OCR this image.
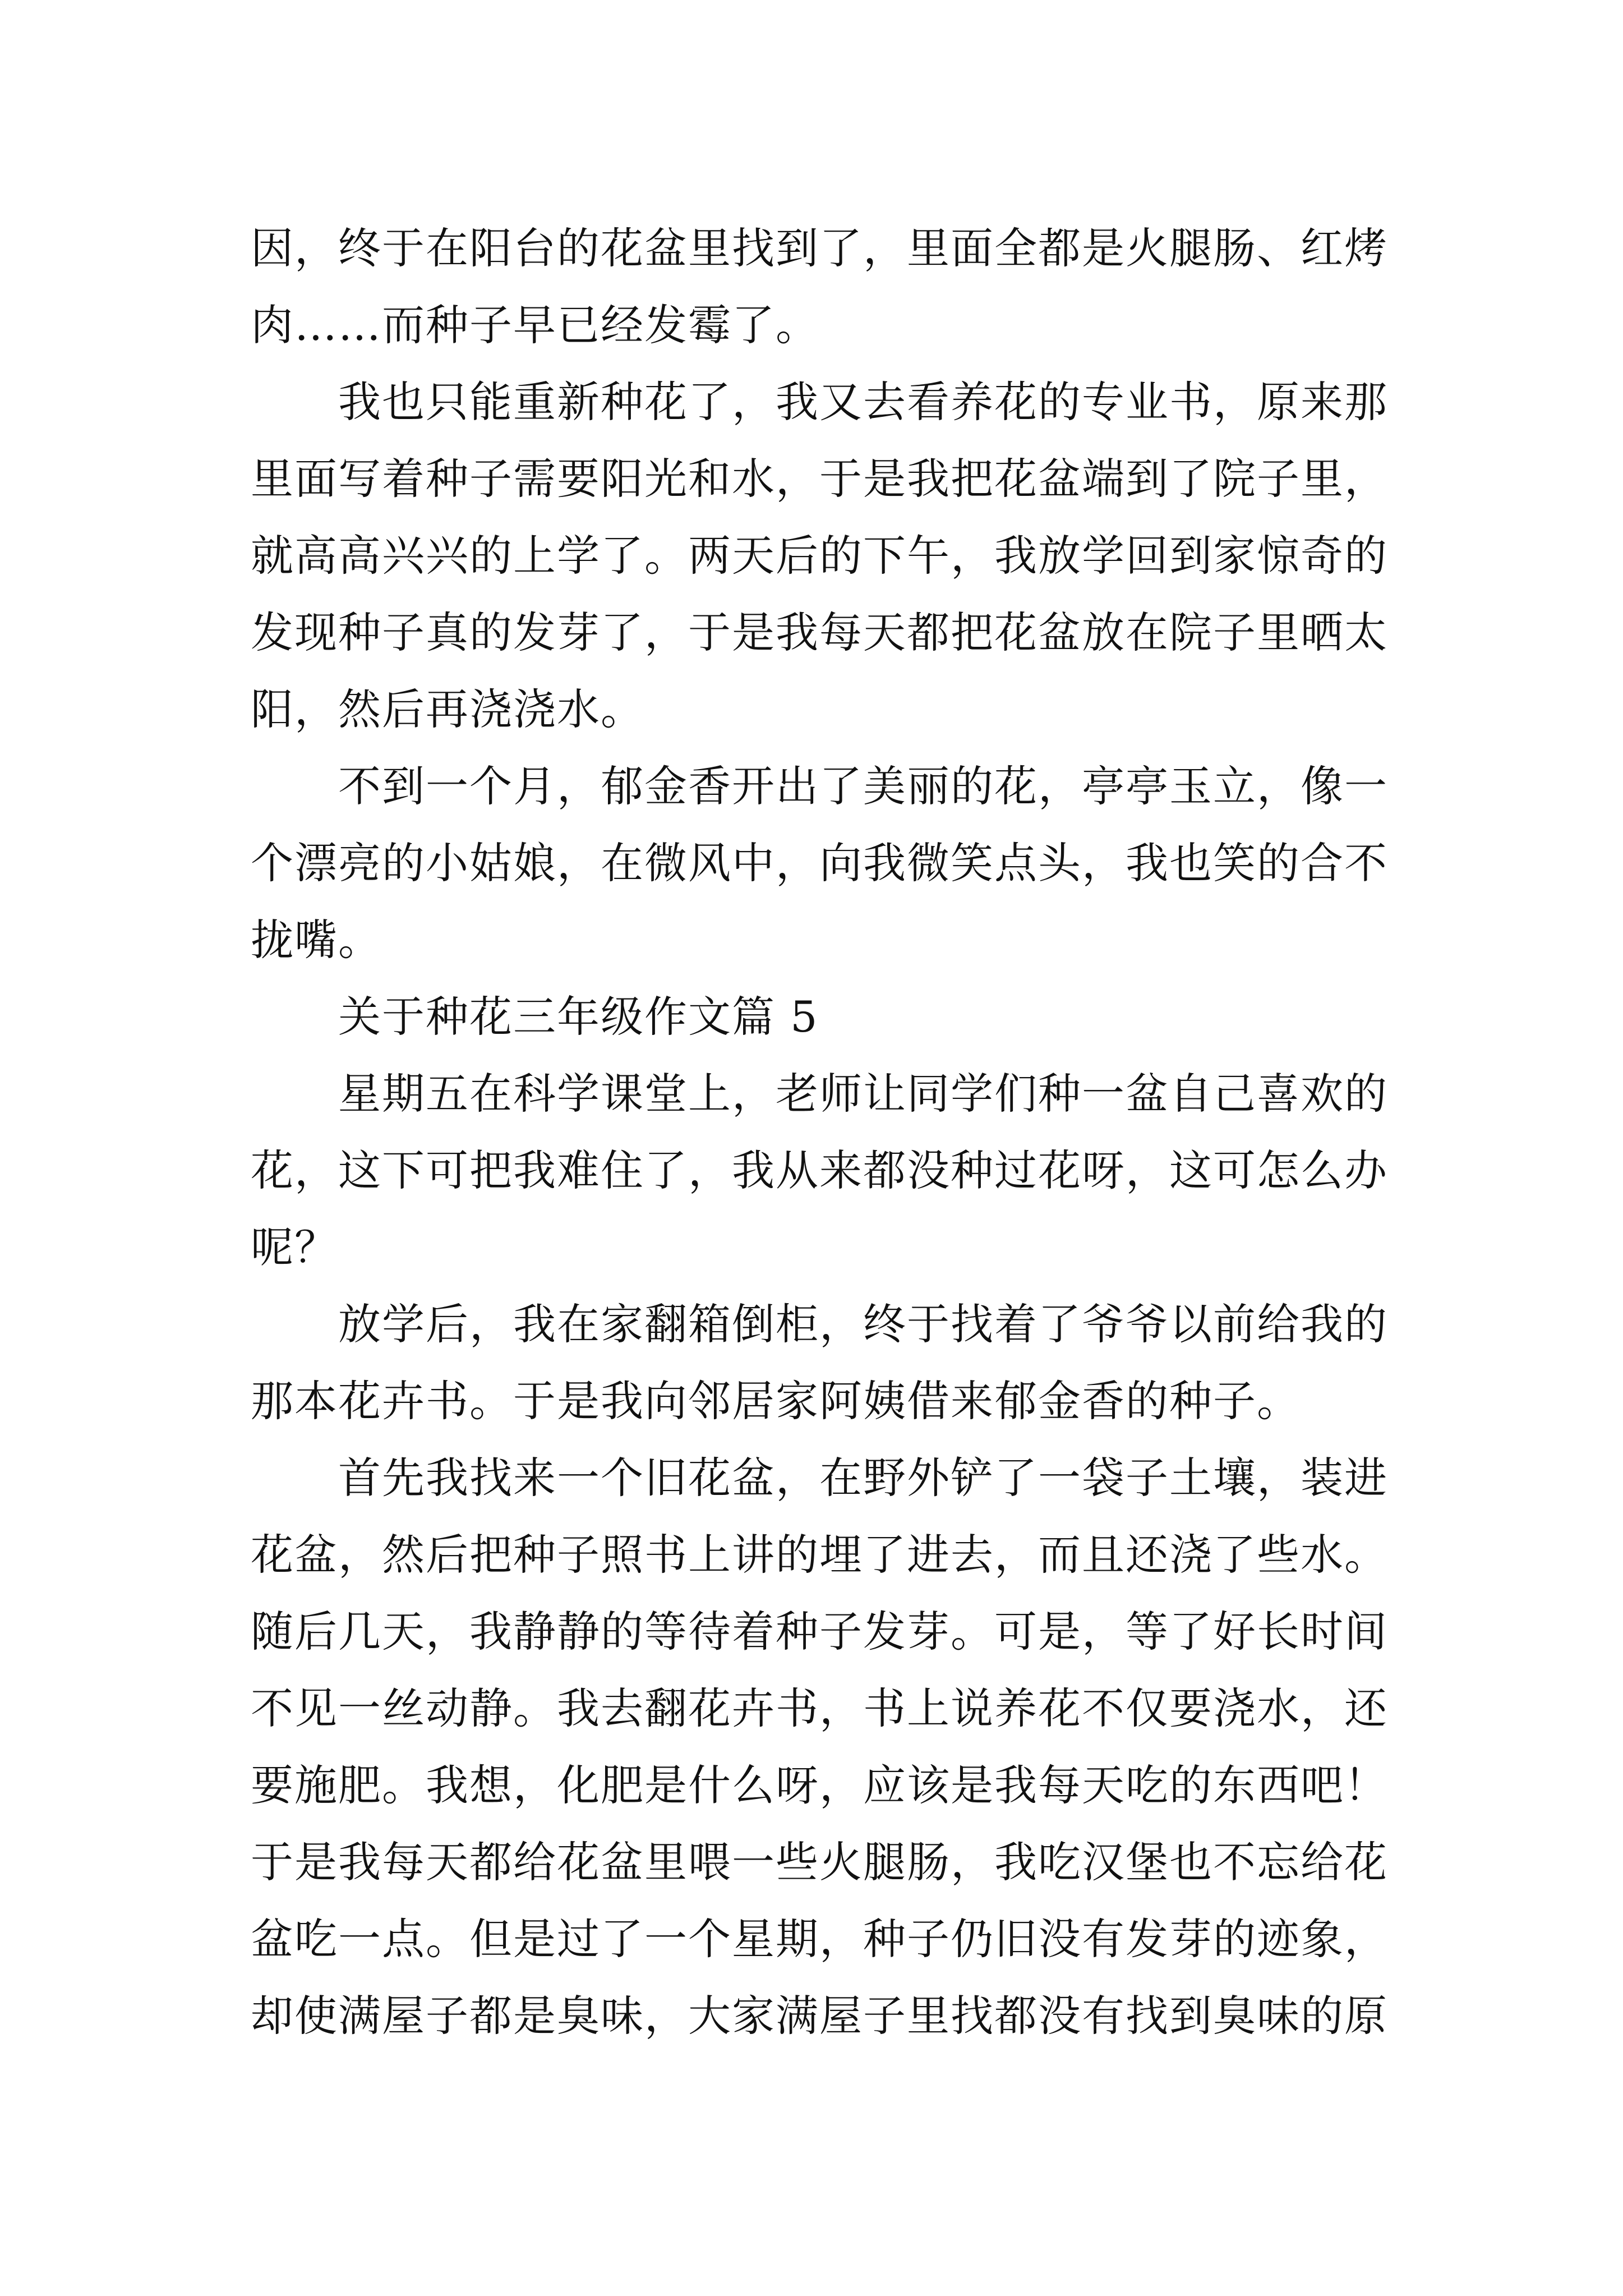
因，终于在阳台的花盆里找到了，里面全都是火腿肠、红烤
肉……而种子早已经发霉了。
我也只能重新种花了，我又去看养花的专业书，原来那
里面写着种子需要阳光和水，于是我把花盆端到了院子里，
就高高兴兴的上学了。两天后的下午，我放学回到家惊奇的
发现种子真的发芽了，于是我每天都把花盆放在院子里晒太
阳，然后再浇浇水。
不到一个月，郁金香开出了美丽的花，亭亭玉立，像一
个漂亮的小姑娘，在微风中，向我微笑点头，我也笑的合不
拢嘴。
关于种花三年级作文篇 5
星期五在科学课堂上，老师让同学们种一盆自己喜欢的
花，这下可把我难住了，我从来都没种过花呀，这可怎么办
呢？
放学后，我在家翻箱倒柜，终于找着了爷爷以前给我的
那本花卉书。于是我向邻居家阿姨借来郁金香的种子。
首先我找来一个旧花盆，在野外铲了一袋子土壤，装进
花盆，然后把种子照书上讲的埋了进去，而且还浇了些水。
随后几天，我静静的等待着种子发芽。可是，等了好长时间
不见一丝动静。我去翻花卉书，书上说养花不仅要浇水，还
要施肥。我想，化肥是什么呀，应该是我每天吃的东西吧！
于是我每天都给花盆里喂一些火腿肠，我吃汉堡也不忘给花
盆吃一点。但是过了一个星期，种子仍旧没有发芽的迹象，
却使满屋子都是臭味，大家满屋子里找都没有找到臭味的原
